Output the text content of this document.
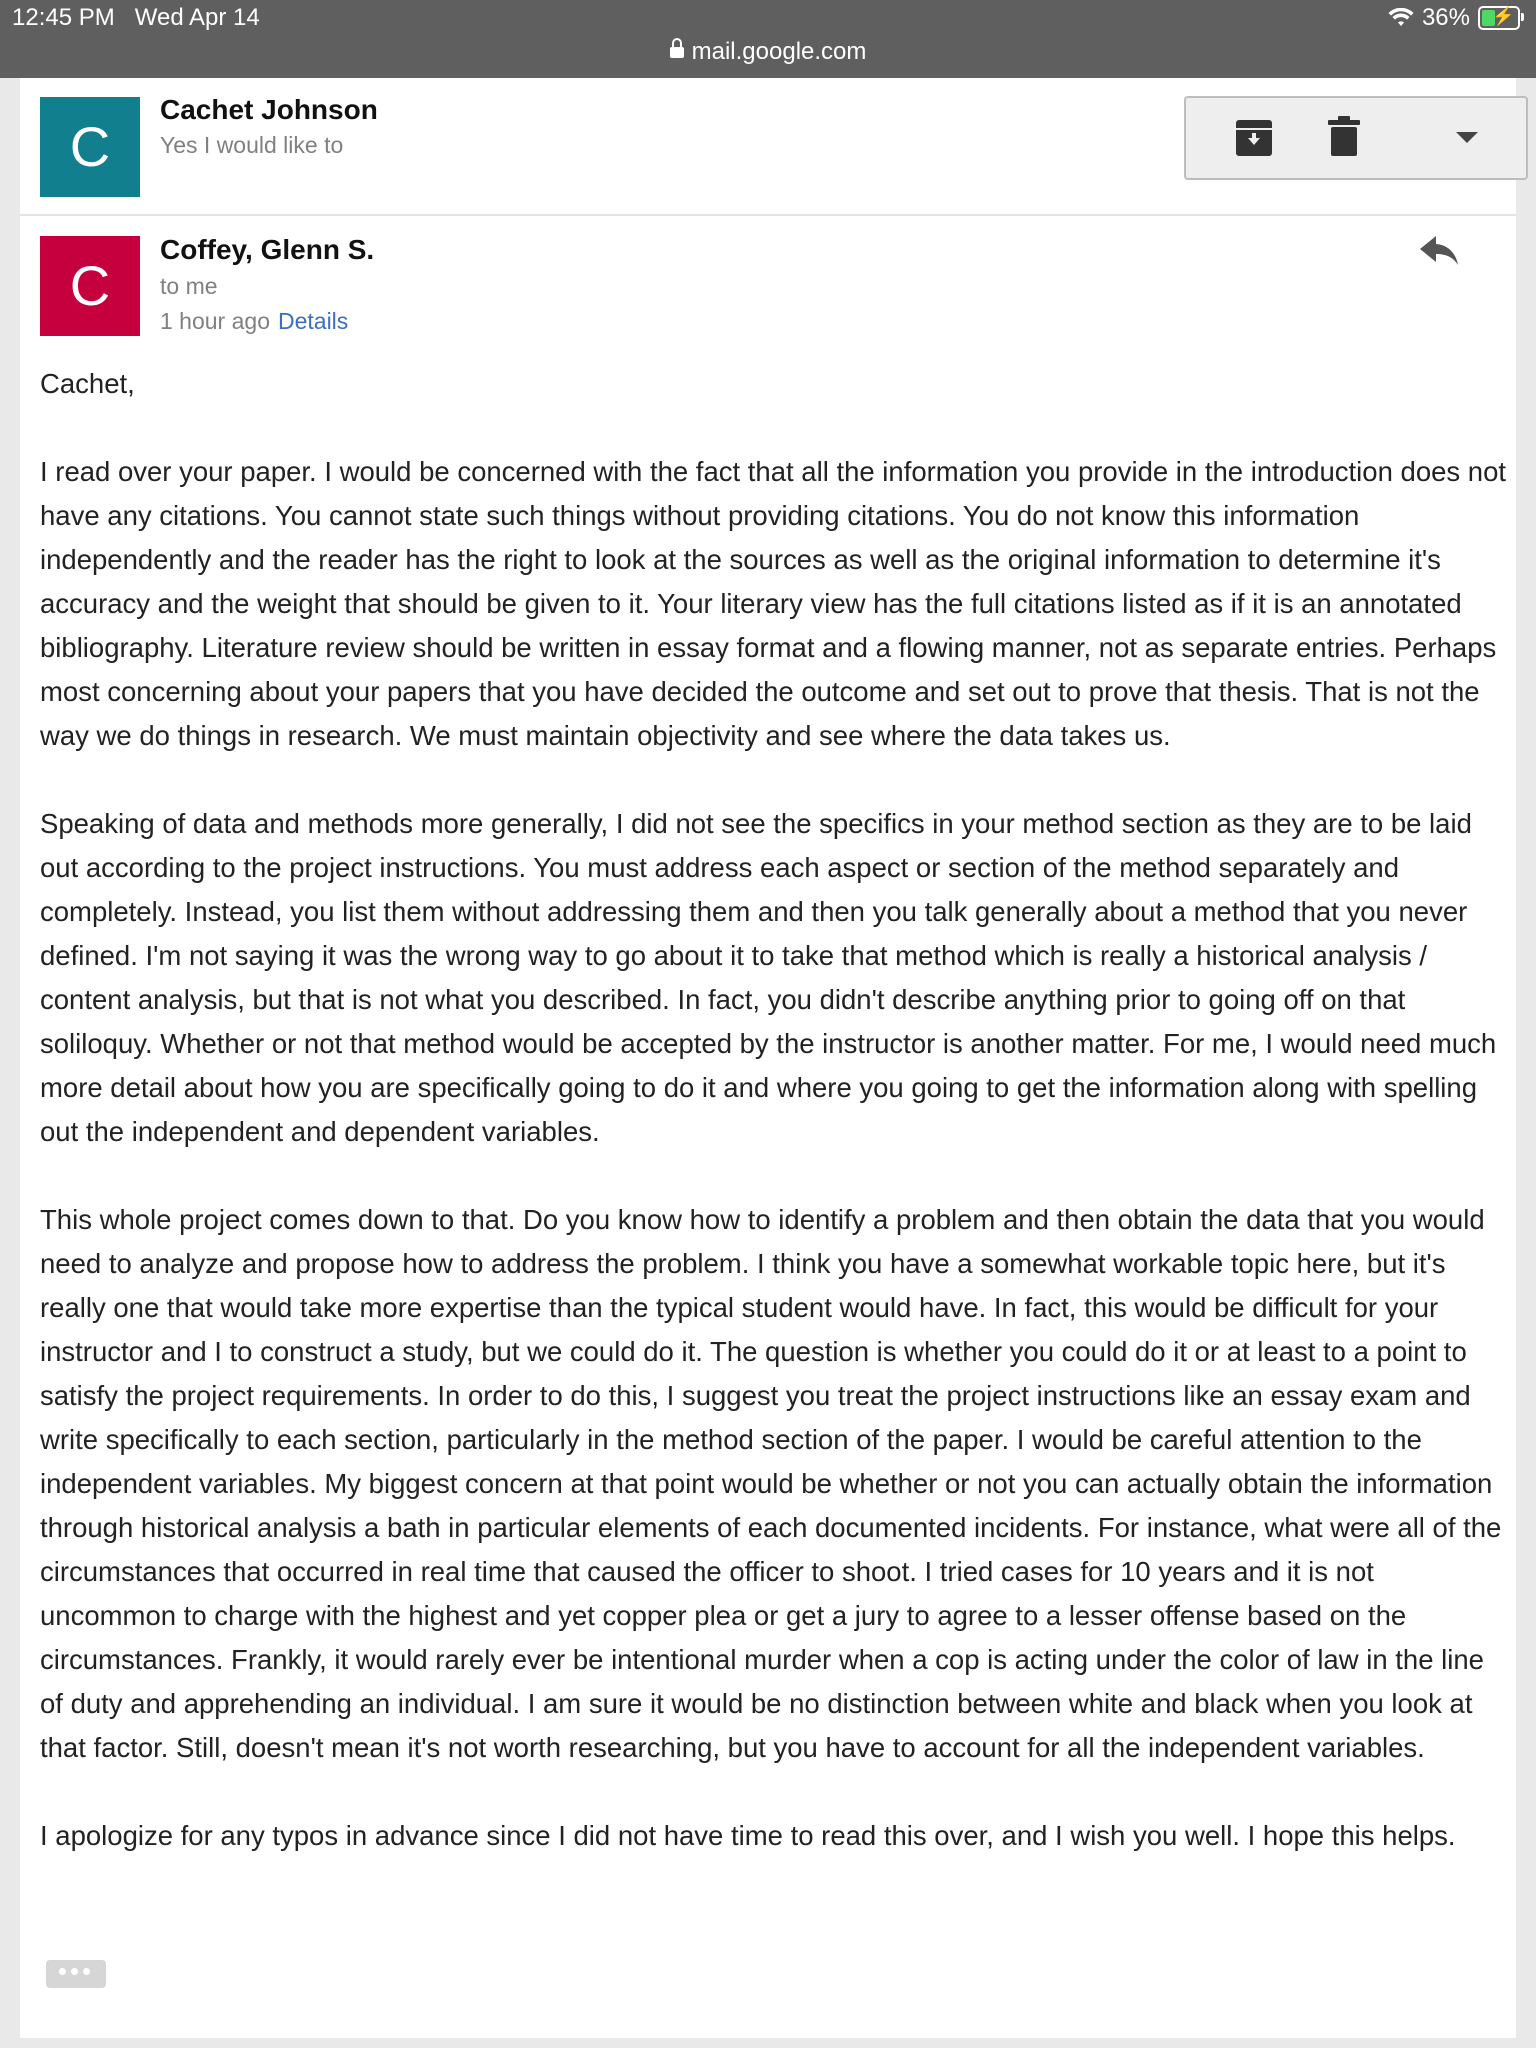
12:45 PM Wed Apr 14	36% ⚡
mail.google.com
C
Cachet Johnson
Yes I would like to
C
Coffey, Glenn S.
to me
1 hour ago Details

Cachet,

I read over your paper. I would be concerned with the fact that all the information you provide in the introduction does not have any citations. You cannot state such things without providing citations. You do not know this information independently and the reader has the right to look at the sources as well as the original information to determine it's accuracy and the weight that should be given to it. Your literary view has the full citations listed as if it is an annotated bibliography. Literature review should be written in essay format and a flowing manner, not as separate entries. Perhaps most concerning about your papers that you have decided the outcome and set out to prove that thesis. That is not the way we do things in research. We must maintain objectivity and see where the data takes us.

Speaking of data and methods more generally, I did not see the specifics in your method section as they are to be laid out according to the project instructions. You must address each aspect or section of the method separately and completely. Instead, you list them without addressing them and then you talk generally about a method that you never defined. I'm not saying it was the wrong way to go about it to take that method which is really a historical analysis / content analysis, but that is not what you described. In fact, you didn't describe anything prior to going off on that soliloquy. Whether or not that method would be accepted by the instructor is another matter. For me, I would need much more detail about how you are specifically going to do it and where you going to get the information along with spelling out the independent and dependent variables.

This whole project comes down to that. Do you know how to identify a problem and then obtain the data that you would need to analyze and propose how to address the problem. I think you have a somewhat workable topic here, but it's really one that would take more expertise than the typical student would have. In fact, this would be difficult for your instructor and I to construct a study, but we could do it. The question is whether you could do it or at least to a point to satisfy the project requirements. In order to do this, I suggest you treat the project instructions like an essay exam and write specifically to each section, particularly in the method section of the paper. I would be careful attention to the independent variables. My biggest concern at that point would be whether or not you can actually obtain the information through historical analysis a bath in particular elements of each documented incidents. For instance, what were all of the circumstances that occurred in real time that caused the officer to shoot. I tried cases for 10 years and it is not uncommon to charge with the highest and yet copper plea or get a jury to agree to a lesser offense based on the circumstances. Frankly, it would rarely ever be intentional murder when a cop is acting under the color of law in the line of duty and apprehending an individual. I am sure it would be no distinction between white and black when you look at that factor. Still, doesn't mean it's not worth researching, but you have to account for all the independent variables.

I apologize for any typos in advance since I did not have time to read this over, and I wish you well. I hope this helps.

•••
